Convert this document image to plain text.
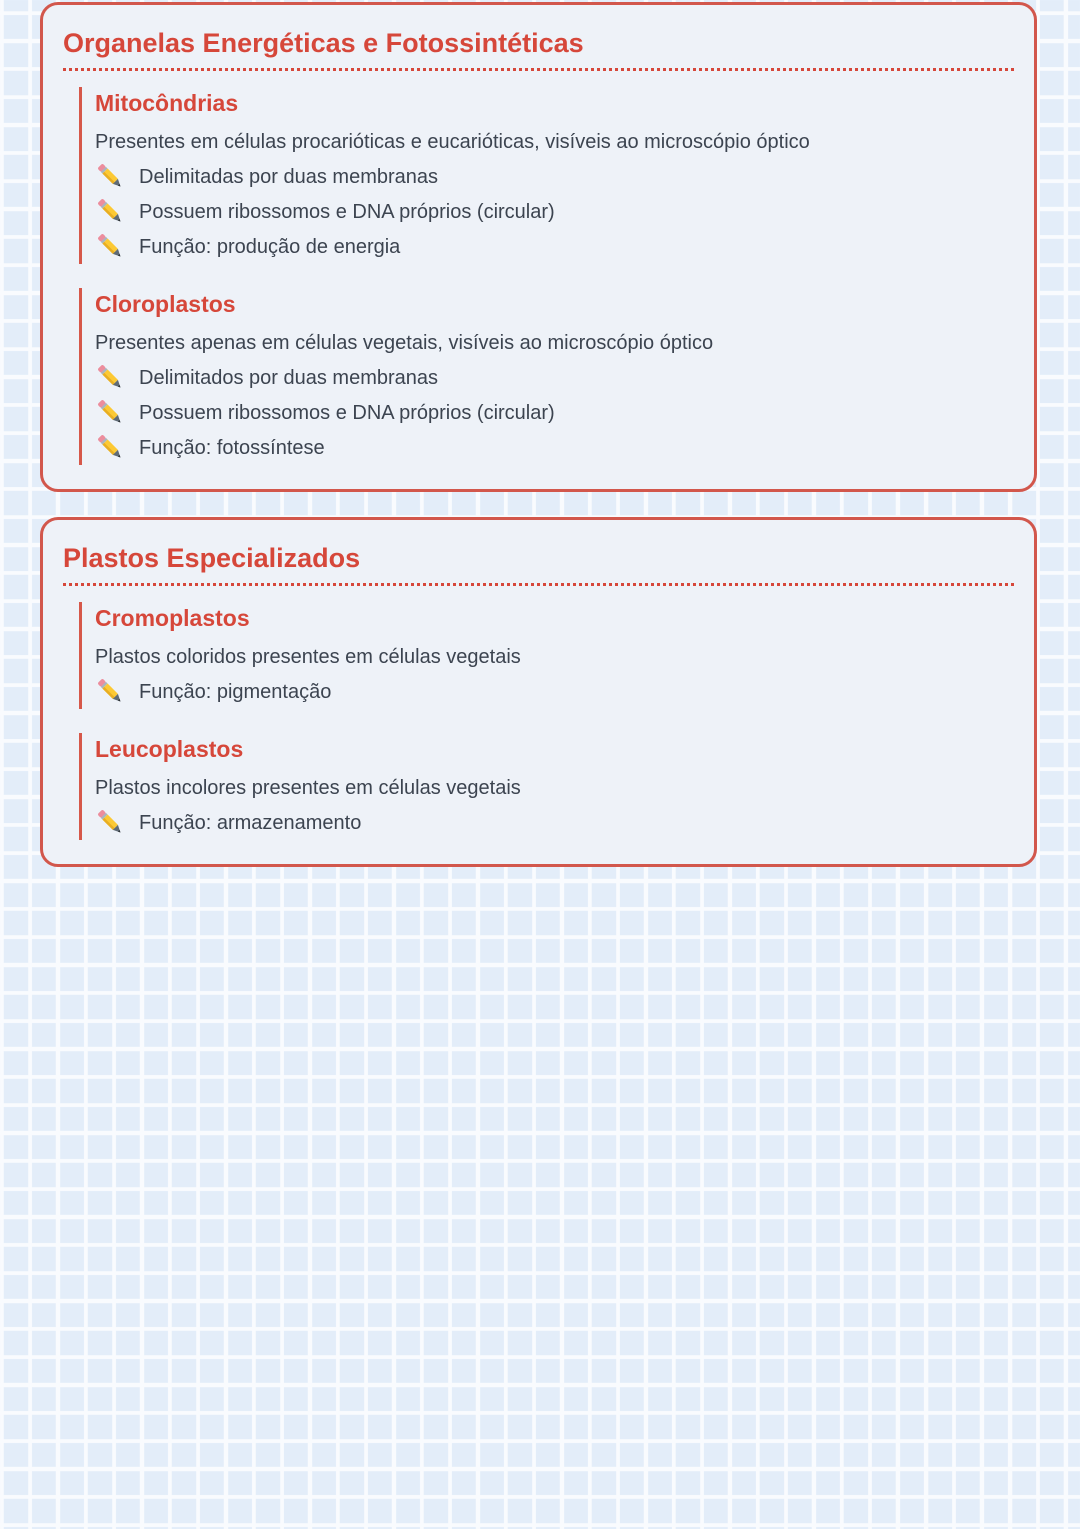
Organelas Energéticas e Fotossintéticas
Mitocôndrias

Presentes em células procarióticas e eucarióticas, visíveis ao microscópio óptico

Delimitadas por duas membranas
Possuem ribossomos e DNA próprios (circular)
Função: produção de energia
Cloroplastos

Presentes apenas em células vegetais, visíveis ao microscópio óptico

Delimitados por duas membranas
Possuem ribossomos e DNA próprios (circular)
Função: fotossíntese
Plastos Especializados
Cromoplastos

Plastos coloridos presentes em células vegetais

Função: pigmentação
Leucoplastos

Plastos incolores presentes em células vegetais

Função: armazenamento
